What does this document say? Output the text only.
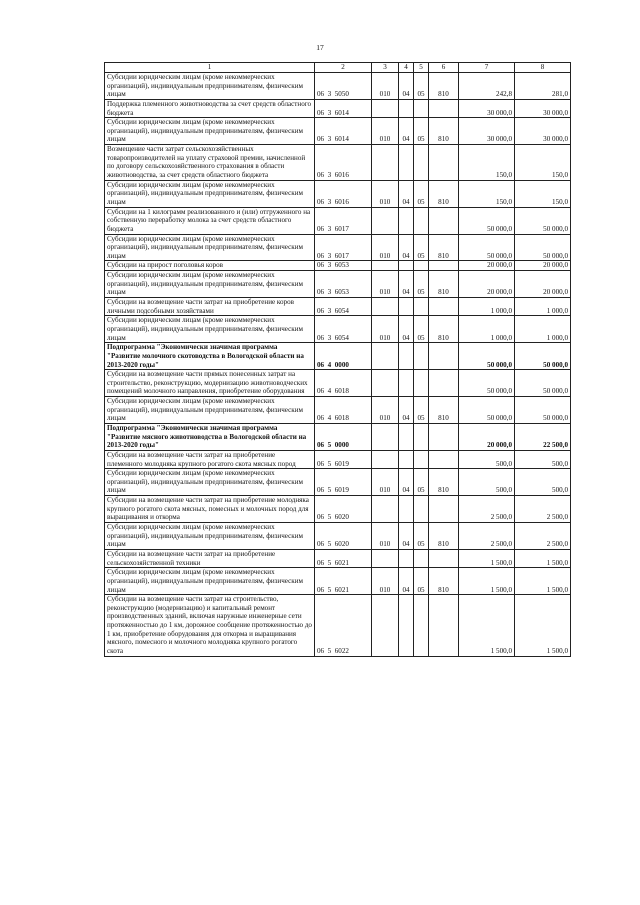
17
1	2	3	4	5	6	7	8
Субсидии юридическим лицам (кроме некоммерческих организаций), индивидуальным предпринимателям, физическим лицам	06  3  5050	010	04	05	810	242,8	281,0
Поддержка племенного животноводства за счет средств областного бюджета	06  3  6014					30 000,0	30 000,0
Субсидии юридическим лицам (кроме некоммерческих организаций), индивидуальным предпринимателям, физическим лицам	06  3  6014	010	04	05	810	30 000,0	30 000,0
Возмещение части затрат сельскохозяйственных товаропроизводителей на уплату страховой премии, начисленной по договору сельскохозяйственного страхования в области животноводства, за счет средств областного бюджета	06  3  6016					150,0	150,0
Субсидии юридическим лицам (кроме некоммерческих организаций), индивидуальным предпринимателям, физическим лицам	06  3  6016	010	04	05	810	150,0	150,0
Субсидии на 1 килограмм реализованного и (или) отгруженного на собственную переработку молока за счет средств областного бюджета	06  3  6017					50 000,0	50 000,0
Субсидии юридическим лицам (кроме некоммерческих организаций), индивидуальным предпринимателям, физическим лицам	06  3  6017	010	04	05	810	50 000,0	50 000,0
Субсидии на прирост поголовья коров	06  3  6053					20 000,0	20 000,0
Субсидии юридическим лицам (кроме некоммерческих организаций), индивидуальным предпринимателям, физическим лицам	06  3  6053	010	04	05	810	20 000,0	20 000,0
Субсидии на возмещение части затрат на приобретение коров личными подсобными хозяйствами	06  3  6054					1 000,0	1 000,0
Субсидии юридическим лицам (кроме некоммерческих организаций), индивидуальным предпринимателям, физическим лицам	06  3  6054	010	04	05	810	1 000,0	1 000,0
Подпрограмма "Экономически значимая программа "Развитие молочного скотоводства в Вологодской области на 2013-2020 годы"	06  4  0000					50 000,0	50 000,0
Субсидии на возмещение части прямых понесенных затрат на строительство, реконструкцию, модернизацию животноводческих помещений молочного направления, приобретение оборудования	06  4  6018					50 000,0	50 000,0
Субсидии юридическим лицам (кроме некоммерческих организаций), индивидуальным предпринимателям, физическим лицам	06  4  6018	010	04	05	810	50 000,0	50 000,0
Подпрограмма "Экономически значимая программа "Развитие мясного животноводства в Вологодской области на 2013-2020 годы"	06  5  0000					20 000,0	22 500,0
Субсидии на возмещение части затрат на приобретение племенного молодняка крупного рогатого скота мясных пород	06  5  6019					500,0	500,0
Субсидии юридическим лицам (кроме некоммерческих организаций), индивидуальным предпринимателям, физическим лицам	06  5  6019	010	04	05	810	500,0	500,0
Субсидии на возмещение части затрат на приобретение молодняка крупного рогатого скота мясных, помесных и молочных пород для выращивания и откорма	06  5  6020					2 500,0	2 500,0
Субсидии юридическим лицам (кроме некоммерческих организаций), индивидуальным предпринимателям, физическим лицам	06  5  6020	010	04	05	810	2 500,0	2 500,0
Субсидии на возмещение части затрат на приобретение сельскохозяйственной техники	06  5  6021					1 500,0	1 500,0
Субсидии юридическим лицам (кроме некоммерческих организаций), индивидуальным предпринимателям, физическим лицам	06  5  6021	010	04	05	810	1 500,0	1 500,0
Субсидии на возмещение части затрат на строительство, реконструкцию (модернизацию) и капитальный ремонт производственных зданий, включая наружные инженерные сети протяженностью до 1 км, дорожное сообщение протяженностью до 1 км, приобретение оборудования для откорма и выращивания мясного, помесного и молочного молодняка крупного рогатого скота	06  5  6022					1 500,0	1 500,0
